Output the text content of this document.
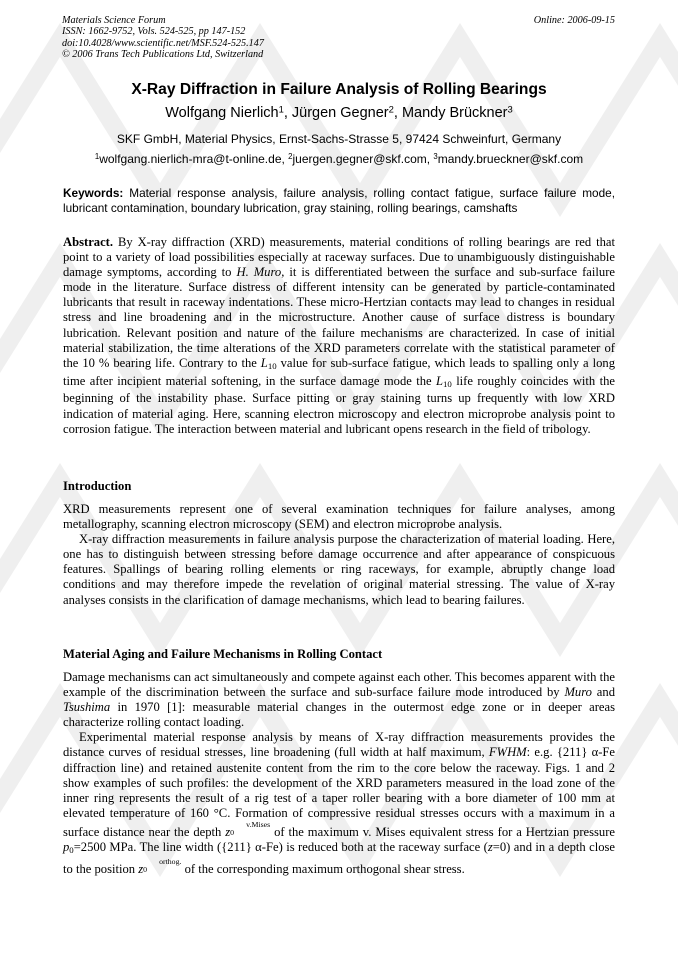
Materials Science Forum
ISSN: 1662-9752, Vols. 524-525, pp 147-152
doi:10.4028/www.scientific.net/MSF.524-525.147
© 2006 Trans Tech Publications Ltd, Switzerland
Online: 2006-09-15
X-Ray Diffraction in Failure Analysis of Rolling Bearings
Wolfgang Nierlich$^1$, Jürgen Gegner$^2$, Mandy Brückner$^3$
SKF GmbH, Material Physics, Ernst-Sachs-Strasse 5, 97424 Schweinfurt, Germany
$^1$wolfgang.nierlich-mra@t-online.de, $^2$juergen.gegner@skf.com, $^3$mandy.brueckner@skf.com
Keywords: Material response analysis, failure analysis, rolling contact fatigue, surface failure mode, lubricant contamination, boundary lubrication, gray staining, rolling bearings, camshafts

Abstract. By X-ray diffraction (XRD) measurements, material conditions of rolling bearings are red that point to a variety of load possibilities especially at raceway surfaces. Due to unambiguously distinguishable damage symptoms, according to H. Muro, it is differentiated between the surface and sub-surface failure mode in the literature. Surface distress of different intensity can be generated by particle-contaminated lubricants that result in raceway indentations. These micro-Hertzian contacts may lead to changes in residual stress and line broadening and in the microstructure. Another cause of surface distress is boundary lubrication. Relevant position and nature of the failure mechanisms are characterized. In case of initial material stabilization, the time alterations of the XRD parameters correlate with the statistical parameter of the 10 % bearing life. Contrary to the L10 value for sub-surface fatigue, which leads to spalling only a long time after incipient material softening, in the surface damage mode the L10 life roughly coincides with the beginning of the instability phase. Surface pitting or gray staining turns up frequently with low XRD indication of material aging. Here, scanning electron microscopy and electron microprobe analysis point to corrosion fatigue. The interaction between material and lubricant opens research in the field of tribology.

Introduction

XRD measurements represent one of several examination techniques for failure analyses, among metallography, scanning electron microscopy (SEM) and electron microprobe analysis.

X-ray diffraction measurements in failure analysis purpose the characterization of material loading. Here, one has to distinguish between stressing before damage occurrence and after appearance of conspicuous features. Spallings of bearing rolling elements or ring raceways, for example, abruptly change load conditions and may therefore impede the revelation of original material stressing. The value of X-ray analyses consists in the clarification of damage mechanisms, which lead to bearing failures.

Material Aging and Failure Mechanisms in Rolling Contact

Damage mechanisms can act simultaneously and compete against each other. This becomes apparent with the example of the discrimination between the surface and sub-surface failure mode introduced by Muro and Tsushima in 1970 [1]: measurable material changes in the outermost edge zone or in deeper areas characterize rolling contact loading.

Experimental material response analysis by means of X-ray diffraction measurements provides the distance curves of residual stresses, line broadening (full width at half maximum, FWHM: e.g. {211} α-Fe diffraction line) and retained austenite content from the rim to the core below the raceway. Figs. 1 and 2 show examples of such profiles: the development of the XRD parameters measured in the load zone of the inner ring represents the result of a rig test of a taper roller bearing with a bore diameter of 100 mm at elevated temperature of 160 °C. Formation of compressive residual stresses occurs with a maximum in a surface distance near the depth zv.Mises
0	of the maximum v. Mises equivalent stress for a Hertzian pressure p0=2500 MPa. The line width ({211} α-Fe) is reduced both at the raceway surface (z=0) and in a depth close to the position zorthog.
0	of the corresponding maximum orthogonal shear stress.
